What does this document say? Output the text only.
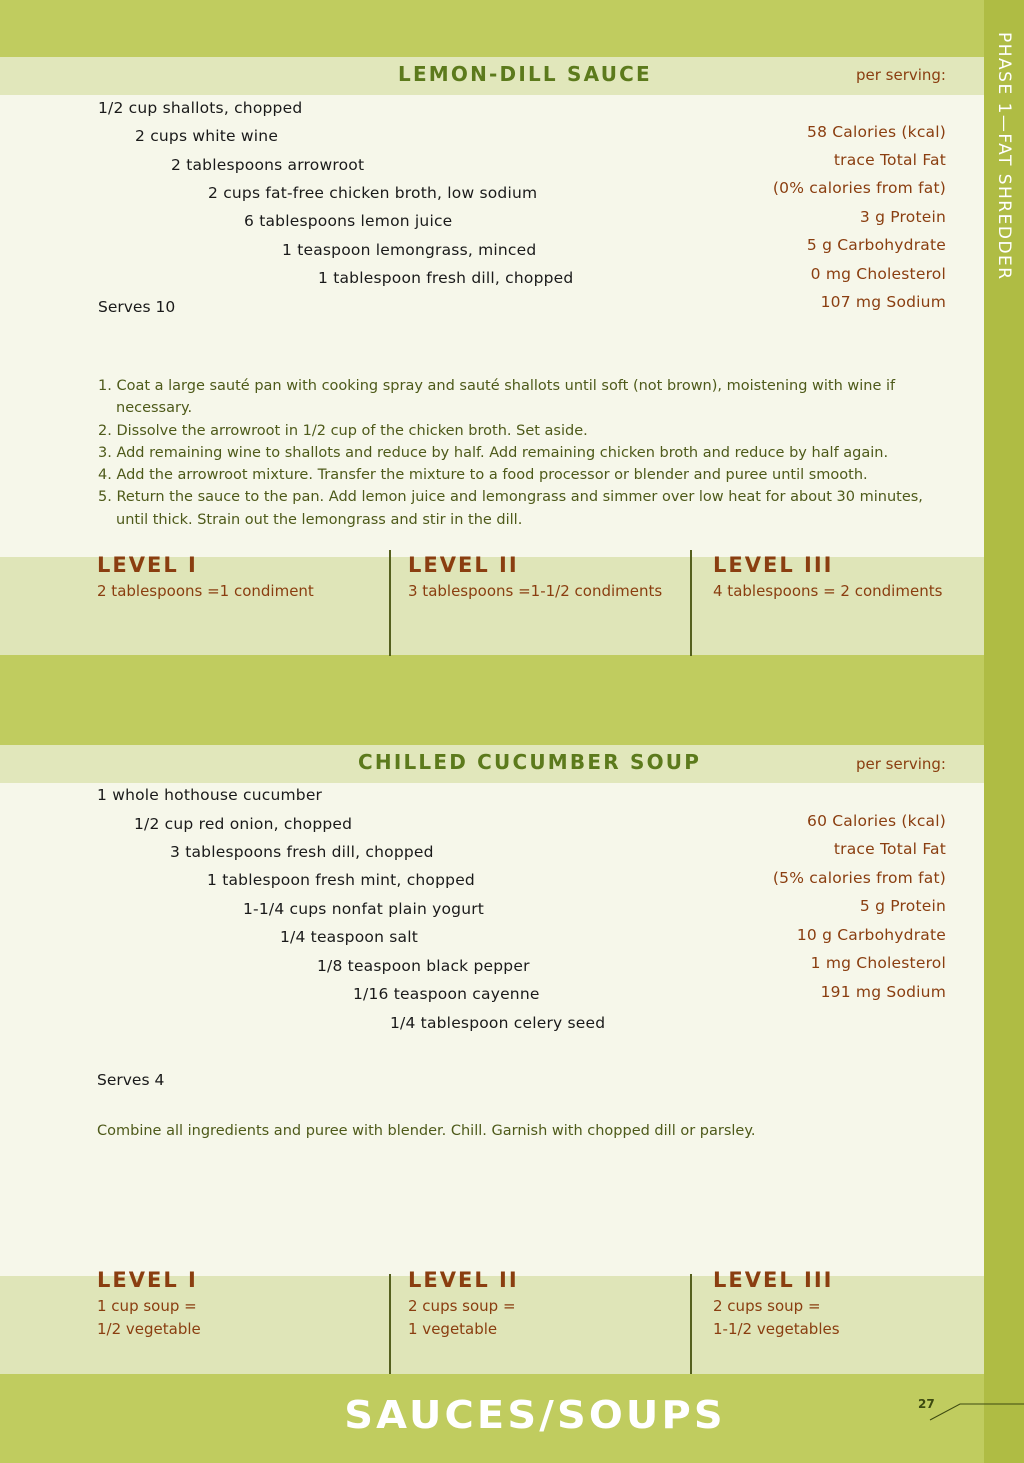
PHASE 1—FAT SHREDDER
LEMON-DILL SAUCE	per serving:
1/2 cup shallots, chopped
2 cups white wine
2 tablespoons arrowroot
2 cups fat-free chicken broth, low sodium
6 tablespoons lemon juice
1 teaspoon lemongrass, minced
1 tablespoon fresh dill, chopped
Serves 10
58 Calories (kcal)
trace Total Fat
(0% calories from fat)
3 g Protein
5 g Carbohydrate
0 mg Cholesterol
107 mg Sodium
1. Coat a large sauté pan with cooking spray and sauté shallots until soft (not brown), moistening with wine if necessary.
2. Dissolve the arrowroot in 1/2 cup of the chicken broth. Set aside.
3. Add remaining wine to shallots and reduce by half. Add remaining chicken broth and reduce by half again.
4. Add the arrowroot mixture. Transfer the mixture to a food processor or blender and puree until smooth.
5. Return the sauce to the pan. Add lemon juice and lemongrass and simmer over low heat for about 30 minutes, until thick. Strain out the lemongrass and stir in the dill.
LEVEL I
2 tablespoons =1 condiment
LEVEL II
3 tablespoons =1-1/2 condiments
LEVEL III
4 tablespoons = 2 condiments
CHILLED CUCUMBER SOUP	per serving:
1 whole hothouse cucumber
1/2 cup red onion, chopped
3 tablespoons fresh dill, chopped
1 tablespoon fresh mint, chopped
1-1/4 cups nonfat plain yogurt
1/4 teaspoon salt
1/8 teaspoon black pepper
1/16 teaspoon cayenne
1/4 tablespoon celery seed
Serves 4
60 Calories (kcal)
trace Total Fat
(5% calories from fat)
5 g Protein
10 g Carbohydrate
1 mg Cholesterol
191 mg Sodium
Combine all ingredients and puree with blender. Chill. Garnish with chopped dill or parsley.
LEVEL I
1 cup soup =
1/2 vegetable
LEVEL II
2 cups soup =
1 vegetable
LEVEL III
2 cups soup =
1-1/2 vegetables
SAUCES/SOUPS	27
